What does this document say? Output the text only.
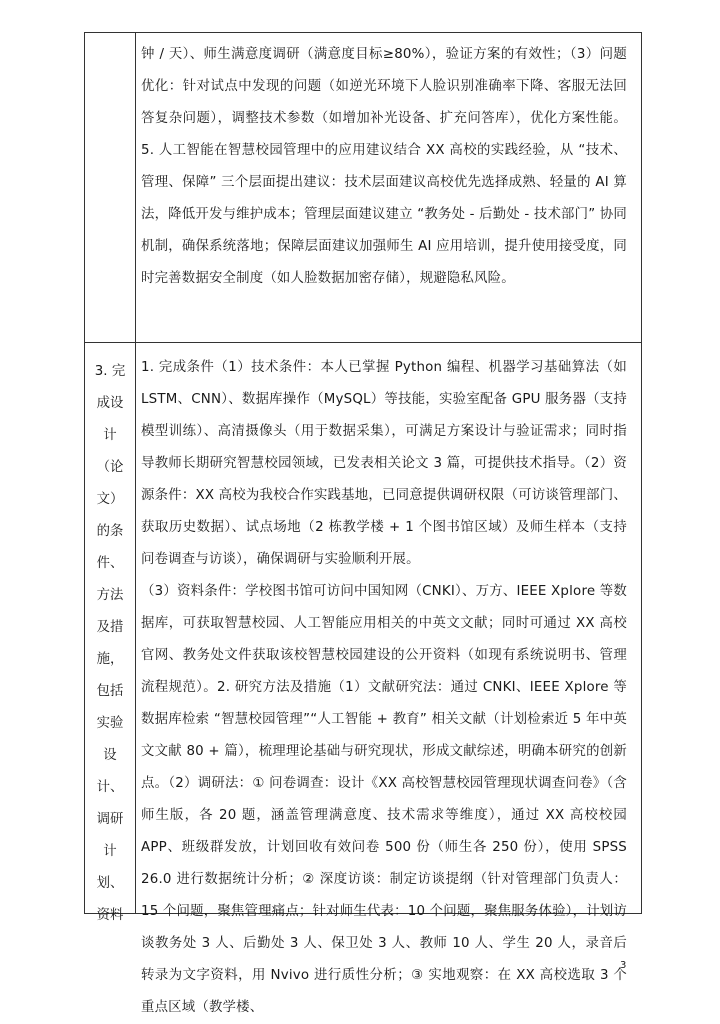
钟 / 天）、师生满意度调研（满意度目标≥80%），验证方案的有效性；（3）问题优化：针对试点中发现的问题（如逆光环境下人脸识别准确率下降、客服无法回答复杂问题），调整技术参数（如增加补光设备、扩充问答库），优化方案性能。5. 人工智能在智慧校园管理中的应用建议结合 XX 高校的实践经验，从 “技术、管理、保障” 三个层面提出建议：技术层面建议高校优先选择成熟、轻量的 AI 算法，降低开发与维护成本；管理层面建议建立 “教务处 - 后勤处 - 技术部门” 协同机制，确保系统落地；保障层面建议加强师生 AI 应用培训，提升使用接受度，同时完善数据安全制度（如人脸数据加密存储），规避隐私风险。

3. 完
成设
计
（论
文）
的条
件、
方法
及措
施，
包括
实验
设
计、
调研
计
划、
资料

1. 完成条件（1）技术条件：本人已掌握 Python 编程、机器学习基础算法（如 LSTM、CNN）、数据库操作（MySQL）等技能，实验室配备 GPU 服务器（支持模型训练）、高清摄像头（用于数据采集），可满足方案设计与验证需求；同时指导教师长期研究智慧校园领域，已发表相关论文 3 篇，可提供技术指导。（2）资源条件：XX 高校为我校合作实践基地，已同意提供调研权限（可访谈管理部门、获取历史数据）、试点场地（2 栋教学楼 + 1 个图书馆区域）及师生样本（支持问卷调查与访谈），确保调研与实验顺利开展。

（3）资料条件：学校图书馆可访问中国知网（CNKI）、万方、IEEE Xplore 等数据库，可获取智慧校园、人工智能应用相关的中英文文献；同时可通过 XX 高校官网、教务处文件获取该校智慧校园建设的公开资料（如现有系统说明书、管理流程规范）。2. 研究方法及措施（1）文献研究法：通过 CNKI、IEEE Xplore 等数据库检索 “智慧校园管理”“人工智能 + 教育” 相关文献（计划检索近 5 年中英文文献 80 + 篇），梳理理论基础与研究现状，形成文献综述，明确本研究的创新点。（2）调研法：① 问卷调查：设计《XX 高校智慧校园管理现状调查问卷》（含师生版，各 20 题，涵盖管理满意度、技术需求等维度），通过 XX 高校校园 APP、班级群发放，计划回收有效问卷 500 份（师生各 250 份），使用 SPSS 26.0 进行数据统计分析；② 深度访谈：制定访谈提纲（针对管理部门负责人：15 个问题，聚焦管理痛点；针对师生代表：10 个问题，聚焦服务体验），计划访谈教务处 3 人、后勤处 3 人、保卫处 3 人、教师 10 人、学生 20 人，录音后转录为文字资料，用 Nvivo 进行质性分析；③ 实地观察：在 XX 高校选取 3 个重点区域（教学楼、

3
